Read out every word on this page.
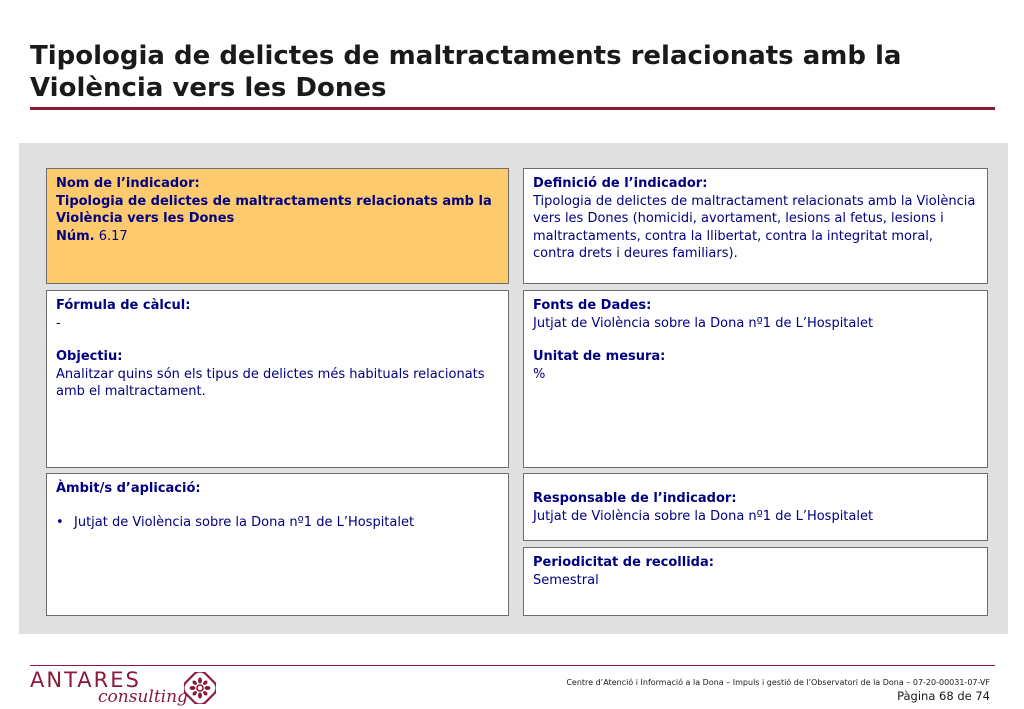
Tipologia de delictes de maltractaments relacionats amb la Violència vers les Dones
Nom de l’indicador:
Tipologia de delictes de maltractaments relacionats amb la Violència vers les Dones
Núm. 6.17
Definició de l’indicador:
Tipologia de delictes de maltractament relacionats amb la Violència vers les Dones (homicidi, avortament, lesions al fetus, lesions i maltractaments, contra la llibertat, contra la integritat moral, contra drets i deures familiars).
Fórmula de càlcul:
-
Objectiu:
Analitzar quins són els tipus de delictes més habituals relacionats amb el maltractament.
Fonts de Dades:
Jutjat de Violència sobre la Dona nº1 de L’Hospitalet
Unitat de mesura:
%
Àmbit/s d’aplicació:
• Jutjat de Violència sobre la Dona nº1 de L’Hospitalet
Responsable de l’indicador:
Jutjat de Violència sobre la Dona nº1 de L’Hospitalet
Periodicitat de recollida:
Semestral
ANTARES
consulting
Centre d’Atenció i Informació a la Dona – Impuls i gestió de l’Observatori de la Dona – 07-20-00031-07-VF
Pàgina 68 de 74
